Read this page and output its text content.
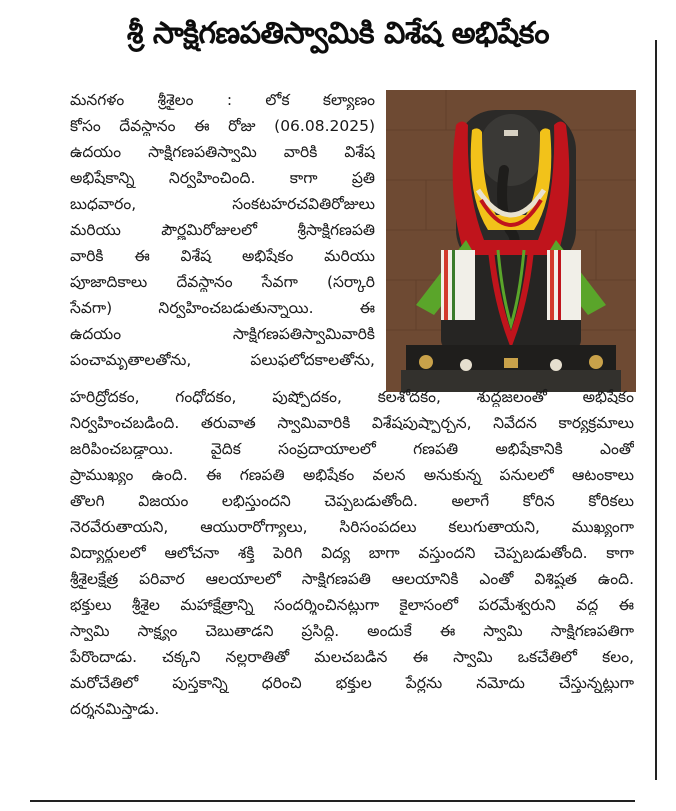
శ్రీ సాక్షిగణపతిస్వామికి విశేష అభిషేకం
మనగళం శ్రీశైలం : లోక కల్యాణం
కోసం దేవస్థానం ఈ రోజు (06.08.2025)
ఉదయం సాక్షిగణపతిస్వామి వారికి విశేష
అభిషేకాన్ని నిర్వహించింది. కాగా ప్రతి
బుధవారం, సంకటహరచవితిరోజులు
మరియు పౌర్ణమిరోజులలో శ్రీసాక్షిగణపతి
వారికి ఈ విశేష అభిషేకం మరియు
పూజాదికాలు దేవస్థానం సేవగా (సర్కారి
సేవగా) నిర్వహించబడుతున్నాయి. ఈ
ఉదయం సాక్షిగణపతిస్వామివారికి
పంచామృతాలతోను, పలుఫలోదకాలతోను,
హరిద్రోదకం, గంధోదకం, పుష్పోదకం, కలశోదకం, శుద్ధజలంతో అభిషేకం
నిర్వహించబడింది. తరువాత స్వామివారికి విశేషపుష్పార్చన, నివేదన కార్యక్రమాలు
జరిపించబడ్డాయి. వైదిక సంప్రదాయాలలో గణపతి అభిషేకానికి ఎంతో
ప్రాముఖ్యం ఉంది. ఈ గణపతి అభిషేకం వలన అనుకున్న పనులలో ఆటంకాలు
తొలగి విజయం లభిస్తుందని చెప్పబడుతోంది. అలాగే కోరిన కోరికలు
నెరవేరుతాయని, ఆయురారోగ్యాలు, సిరిసంపదలు కలుగుతాయని, ముఖ్యంగా
విద్యార్థులలో ఆలోచనా శక్తి పెరిగి విద్య బాగా వస్తుందని చెప్పబడుతోంది. కాగా
శ్రీశైలక్షేత్ర పరివార ఆలయాలలో సాక్షిగణపతి ఆలయానికి ఎంతో విశిష్టత ఉంది.
భక్తులు శ్రీశైల మహాక్షేత్రాన్ని సందర్శించినట్లుగా కైలాసంలో పరమేశ్వరుని వద్ద ఈ
స్వామి సాక్ష్యం చెబుతాడని ప్రసిద్ధి. అందుకే ఈ స్వామి సాక్షిగణపతిగా
పేరొందాడు. చక్కని నల్లరాతితో మలచబడిన ఈ స్వామి ఒకచేతిలో కలం,
మరోచేతిలో పుస్తకాన్ని ధరించి భక్తుల పేర్లను నమోదు చేస్తున్నట్లుగా
దర్శనమిస్తాడు.
